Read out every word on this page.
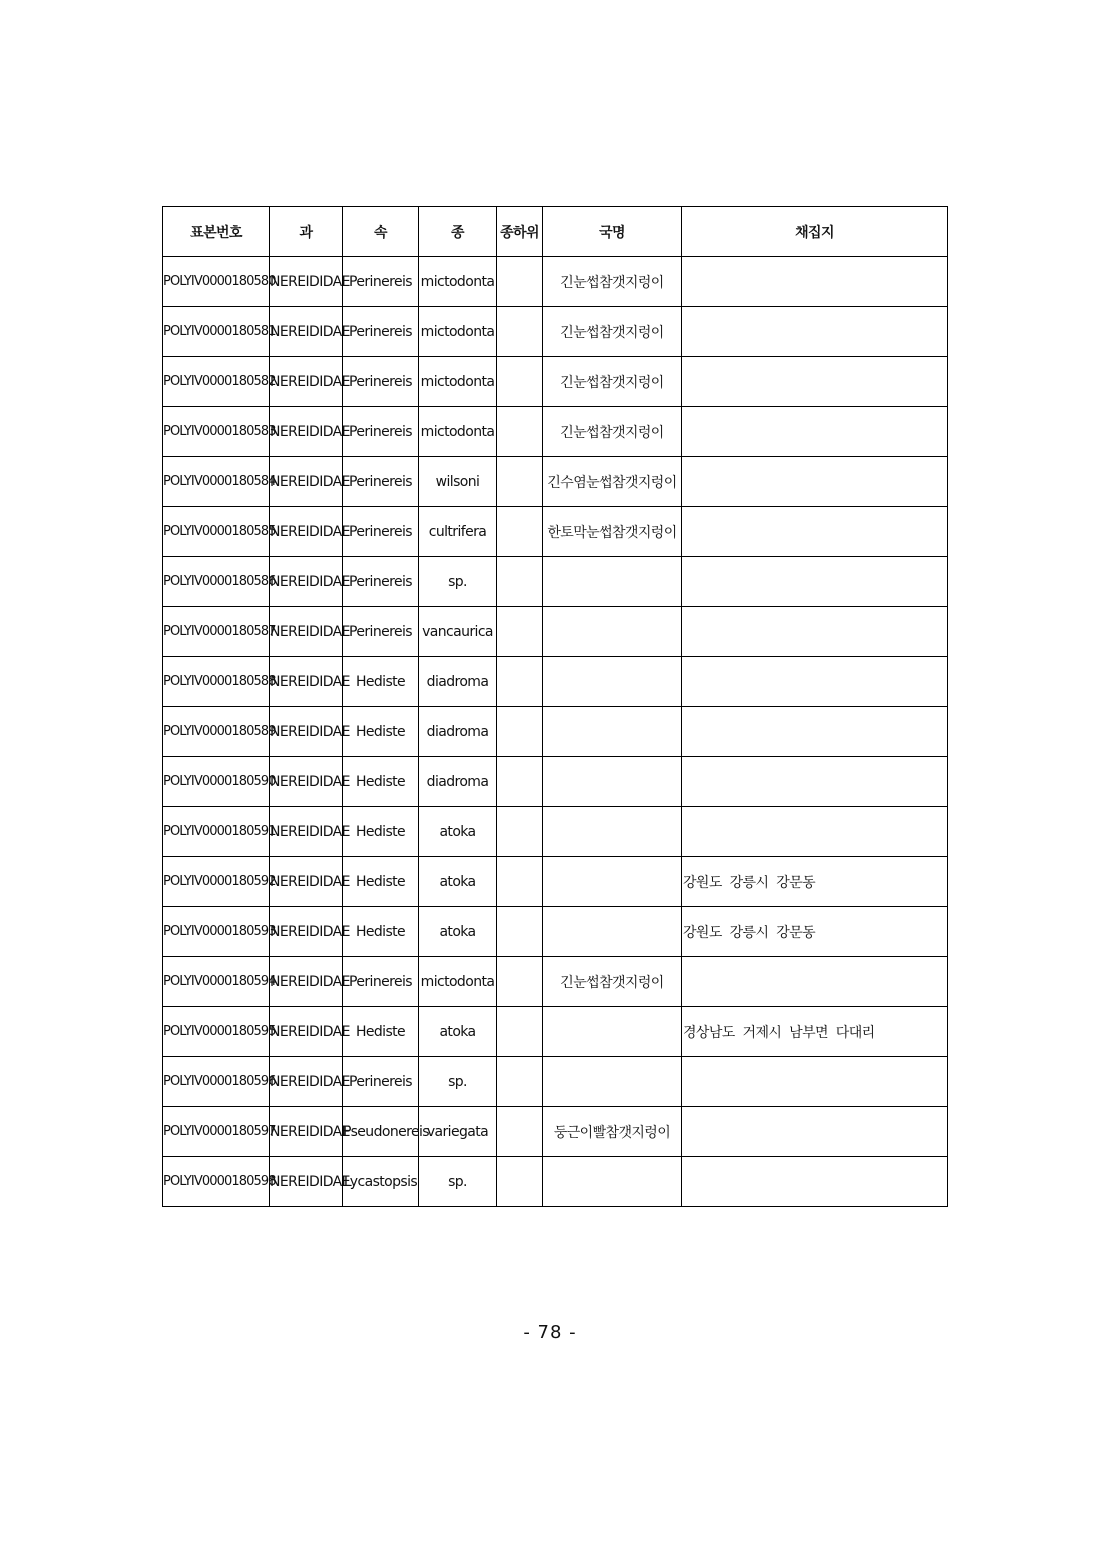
표본번호	과	속	종	종하위	국명	채집지
POLYIV0000180580	NEREIDIDAE	Perinereis	mictodonta		긴눈썹참갯지렁이	
POLYIV0000180581	NEREIDIDAE	Perinereis	mictodonta		긴눈썹참갯지렁이	
POLYIV0000180582	NEREIDIDAE	Perinereis	mictodonta		긴눈썹참갯지렁이	
POLYIV0000180583	NEREIDIDAE	Perinereis	mictodonta		긴눈썹참갯지렁이	
POLYIV0000180584	NEREIDIDAE	Perinereis	wilsoni		긴수염눈썹참갯지렁이	
POLYIV0000180585	NEREIDIDAE	Perinereis	cultrifera		한토막눈썹참갯지렁이	
POLYIV0000180586	NEREIDIDAE	Perinereis	sp.			
POLYIV0000180587	NEREIDIDAE	Perinereis	vancaurica			
POLYIV0000180588	NEREIDIDAE	Hediste	diadroma			
POLYIV0000180589	NEREIDIDAE	Hediste	diadroma			
POLYIV0000180590	NEREIDIDAE	Hediste	diadroma			
POLYIV0000180591	NEREIDIDAE	Hediste	atoka			
POLYIV0000180592	NEREIDIDAE	Hediste	atoka			강원도 강릉시 강문동
POLYIV0000180593	NEREIDIDAE	Hediste	atoka			강원도 강릉시 강문동
POLYIV0000180594	NEREIDIDAE	Perinereis	mictodonta		긴눈썹참갯지렁이	
POLYIV0000180595	NEREIDIDAE	Hediste	atoka			경상남도 거제시 남부면 다대리
POLYIV0000180596	NEREIDIDAE	Perinereis	sp.			
POLYIV0000180597	NEREIDIDAE	Pseudonereis	variegata		둥근이빨참갯지렁이	
POLYIV0000180598	NEREIDIDAE	Lycastopsis	sp.			
- 78 -
